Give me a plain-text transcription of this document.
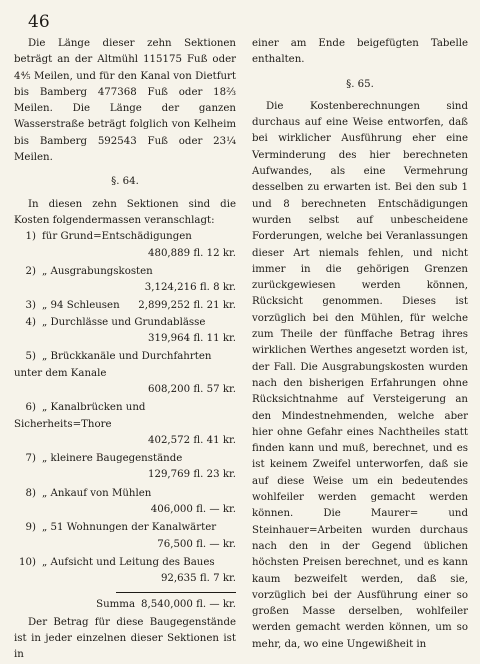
46

Die Länge dieser zehn Sektionen beträgt an der Altmühl 115175 Fuß oder 4⅘ Meilen, und für den Kanal von Dietfurt bis Bamberg 477368 Fuß oder 18⅔ Meilen. Die Länge der ganzen Wasserstraße beträgt folglich von Kelheim bis Bamberg 592543 Fuß oder 23¼ Meilen.

§. 64.

In diesen zehn Sektionen sind die Kosten folgendermassen veranschlagt:

1) für Grund=Entschädigungen
480,889 fl. 12 kr.
2) „ Ausgrabungskosten
3,124,216 fl. 8 kr.
3) „ 94 Schleusen 2,899,252 fl. 21 kr.
4) „ Durchlässe und Grundablässe
319,964 fl. 11 kr.
5) „ Brückkanäle und Durchfahrten unter dem Kanale
608,200 fl. 57 kr.
6) „ Kanalbrücken und Sicherheits=Thore
402,572 fl. 41 kr.
7) „ kleinere Baugegenstände
129,769 fl. 23 kr.
8) „ Ankauf von Mühlen
406,000 fl. — kr.
9) „ 51 Wohnungen der Kanalwärter
76,500 fl. — kr.
10) „ Aufsicht und Leitung des Baues
92,635 fl. 7 kr.
Summa 8,540,000 fl. — kr.

Der Betrag für diese Baugegenstände ist in jeder einzelnen dieser Sektionen ist in

einer am Ende beigefügten Tabelle enthalten.

§. 65.

Die Kostenberechnungen sind durchaus auf eine Weise entworfen, daß bei wirklicher Ausführung eher eine Verminderung des hier berechneten Aufwandes, als eine Vermehrung desselben zu erwarten ist. Bei den sub 1 und 8 berechneten Entschädigungen wurden selbst auf unbescheidene Forderungen, welche bei Veranlassungen dieser Art niemals fehlen, und nicht immer in die gehörigen Grenzen zurückgewiesen werden können, Rücksicht genommen. Dieses ist vorzüglich bei den Mühlen, für welche zum Theile der fünffache Betrag ihres wirklichen Werthes angesetzt worden ist, der Fall. Die Ausgrabungskosten wurden nach den bisherigen Erfahrungen ohne Rücksichtnahme auf Versteigerung an den Mindestnehmenden, welche aber hier ohne Gefahr eines Nachtheiles statt finden kann und muß, berechnet, und es ist keinem Zweifel unterworfen, daß sie auf diese Weise um ein bedeutendes wohlfeiler werden gemacht werden können. Die Maurer= und Steinhauer=Arbeiten wurden durchaus nach den in der Gegend üblichen höchsten Preisen berechnet, und es kann kaum bezweifelt werden, daß sie, vorzüglich bei der Ausführung einer so großen Masse derselben, wohlfeiler werden gemacht werden können, um so mehr, da, wo eine Ungewißheit in
